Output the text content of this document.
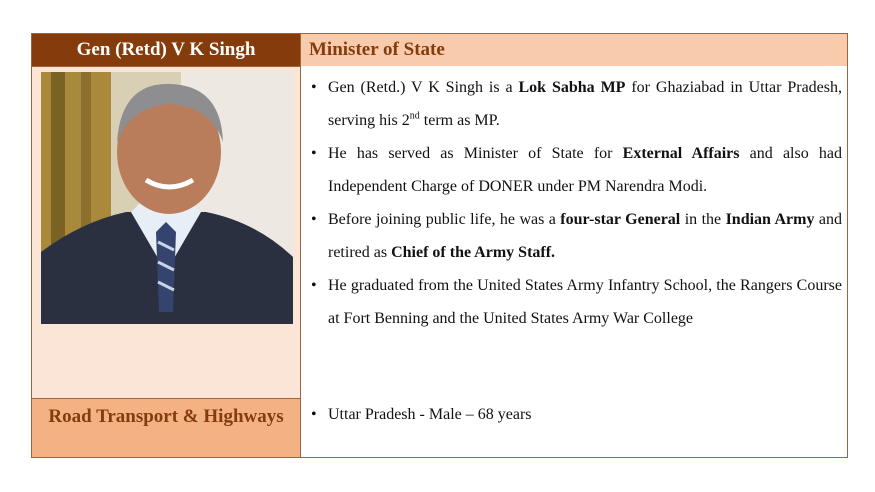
Gen (Retd) V K Singh	Minister of State
Road Transport & Highways
• Gen (Retd.) V K Singh is a Lok Sabha MP for Ghaziabad in Uttar Pradesh, serving his 2nd term as MP.
• He has served as Minister of State for External Affairs and also had Independent Charge of DONER under PM Narendra Modi.
• Before joining public life, he was a four-star General in the Indian Army and retired as Chief of the Army Staff.
• He graduated from the United States Army Infantry School, the Rangers Course at Fort Benning and the United States Army War College
• Uttar Pradesh - Male – 68 years
